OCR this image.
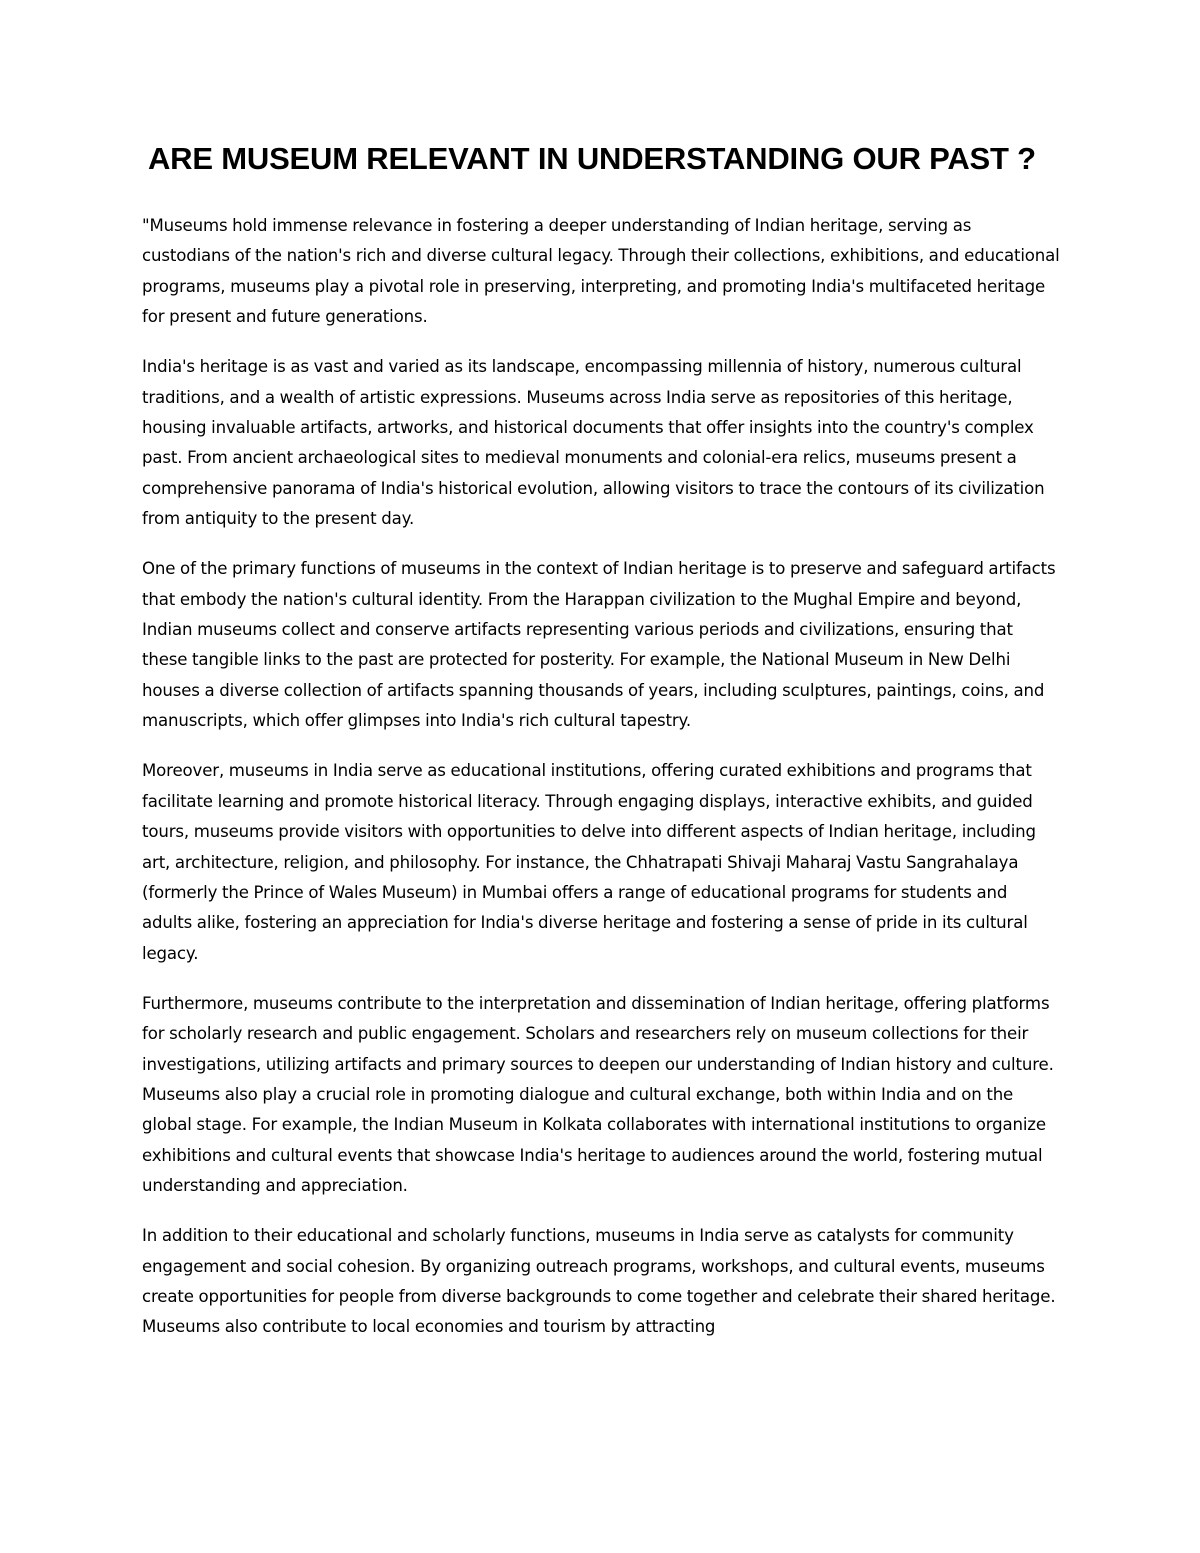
ARE MUSEUM RELEVANT IN UNDERSTANDING OUR PAST ?

"Museums hold immense relevance in fostering a deeper understanding of Indian heritage, serving as custodians of the nation's rich and diverse cultural legacy. Through their collections, exhibitions, and educational programs, museums play a pivotal role in preserving, interpreting, and promoting India's multifaceted heritage for present and future generations.

India's heritage is as vast and varied as its landscape, encompassing millennia of history, numerous cultural traditions, and a wealth of artistic expressions. Museums across India serve as repositories of this heritage, housing invaluable artifacts, artworks, and historical documents that offer insights into the country's complex past. From ancient archaeological sites to medieval monuments and colonial-era relics, museums present a comprehensive panorama of India's historical evolution, allowing visitors to trace the contours of its civilization from antiquity to the present day.

One of the primary functions of museums in the context of Indian heritage is to preserve and safeguard artifacts that embody the nation's cultural identity. From the Harappan civilization to the Mughal Empire and beyond, Indian museums collect and conserve artifacts representing various periods and civilizations, ensuring that these tangible links to the past are protected for posterity. For example, the National Museum in New Delhi houses a diverse collection of artifacts spanning thousands of years, including sculptures, paintings, coins, and manuscripts, which offer glimpses into India's rich cultural tapestry.

Moreover, museums in India serve as educational institutions, offering curated exhibitions and programs that facilitate learning and promote historical literacy. Through engaging displays, interactive exhibits, and guided tours, museums provide visitors with opportunities to delve into different aspects of Indian heritage, including art, architecture, religion, and philosophy. For instance, the Chhatrapati Shivaji Maharaj Vastu Sangrahalaya (formerly the Prince of Wales Museum) in Mumbai offers a range of educational programs for students and adults alike, fostering an appreciation for India's diverse heritage and fostering a sense of pride in its cultural legacy.

Furthermore, museums contribute to the interpretation and dissemination of Indian heritage, offering platforms for scholarly research and public engagement. Scholars and researchers rely on museum collections for their investigations, utilizing artifacts and primary sources to deepen our understanding of Indian history and culture. Museums also play a crucial role in promoting dialogue and cultural exchange, both within India and on the global stage. For example, the Indian Museum in Kolkata collaborates with international institutions to organize exhibitions and cultural events that showcase India's heritage to audiences around the world, fostering mutual understanding and appreciation.

In addition to their educational and scholarly functions, museums in India serve as catalysts for community engagement and social cohesion. By organizing outreach programs, workshops, and cultural events, museums create opportunities for people from diverse backgrounds to come together and celebrate their shared heritage. Museums also contribute to local economies and tourism by attracting
